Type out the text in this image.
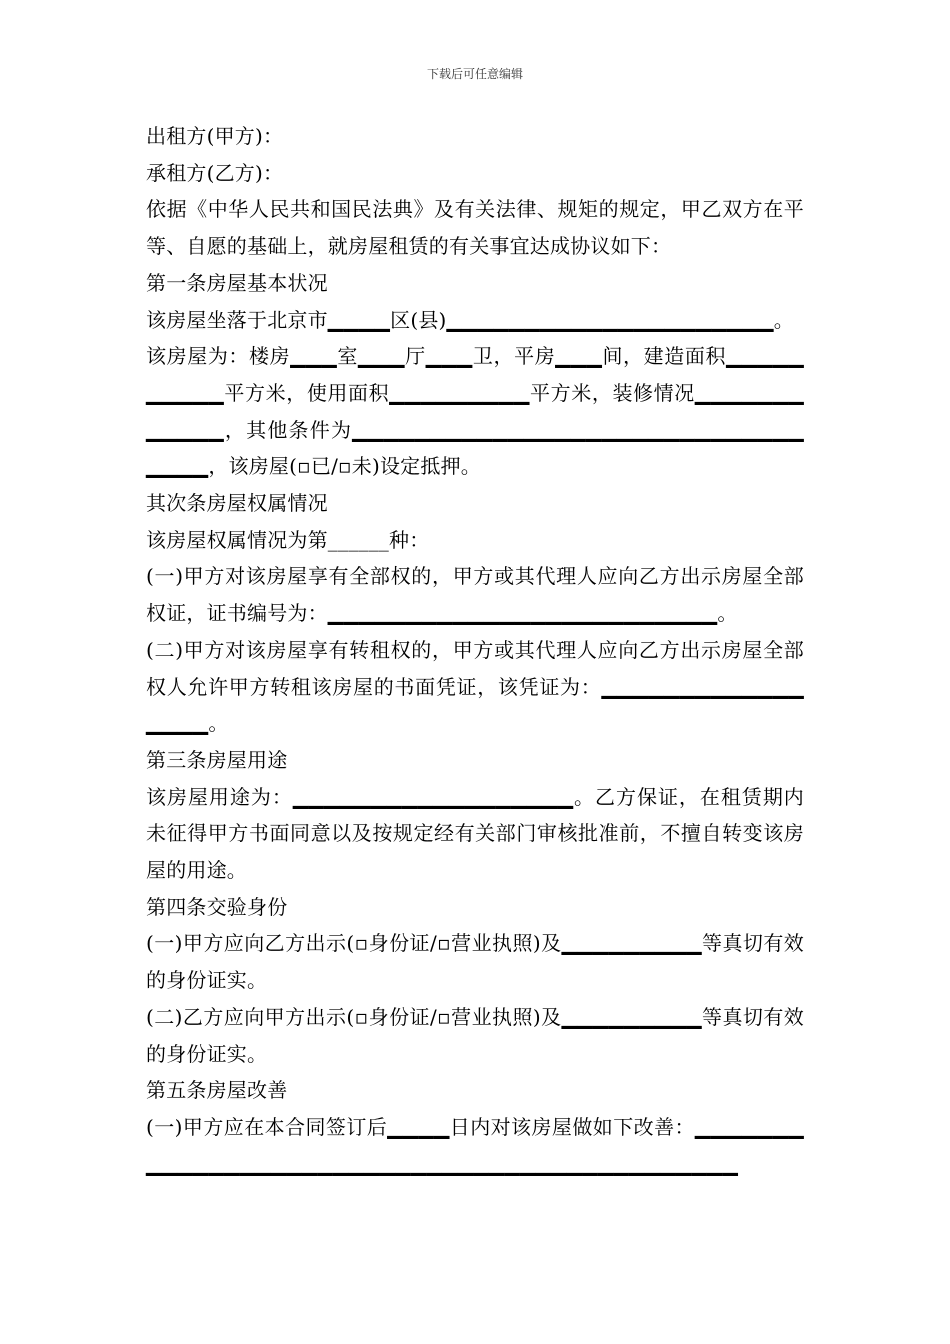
下载后可任意编辑

出租方(甲方)：

承租方(乙方)：

依据《中华人民共和国民法典》及有关法律、规矩的规定，甲乙双方在平等、自愿的基础上，就房屋租赁的有关事宜达成协议如下：

第一条房屋基本状况

该房屋坐落于北京市▁▁▁▁区(县)▁▁▁▁▁▁▁▁▁▁▁▁▁▁▁▁▁▁▁▁▁。

该房屋为：楼房▁▁▁室▁▁▁厅▁▁▁卫，平房▁▁▁间，建造面积▁▁▁▁▁▁▁▁▁▁平方米，使用面积▁▁▁▁▁▁▁▁▁平方米，装修情况▁▁▁▁▁▁▁▁▁▁▁▁，其他条件为▁▁▁▁▁▁▁▁▁▁▁▁▁▁▁▁▁▁▁▁▁▁▁▁▁▁▁▁▁▁▁▁▁，该房屋(▫已/▫未)设定抵押。

其次条房屋权属情况

该房屋权属情况为第______种：

(一)甲方对该房屋享有全部权的，甲方或其代理人应向乙方出示房屋全部权证，证书编号为：▁▁▁▁▁▁▁▁▁▁▁▁▁▁▁▁▁▁▁▁▁▁▁▁▁。

(二)甲方对该房屋享有转租权的，甲方或其代理人应向乙方出示房屋全部权人允许甲方转租该房屋的书面凭证，该凭证为：▁▁▁▁▁▁▁▁▁▁▁▁▁▁▁▁▁。

第三条房屋用途

该房屋用途为：▁▁▁▁▁▁▁▁▁▁▁▁▁▁▁▁▁▁。乙方保证，在租赁期内未征得甲方书面同意以及按规定经有关部门审核批准前，不擅自转变该房屋的用途。

第四条交验身份

(一)甲方应向乙方出示(▫身份证/▫营业执照)及▁▁▁▁▁▁▁▁▁等真切有效的身份证实。

(二)乙方应向甲方出示(▫身份证/▫营业执照)及▁▁▁▁▁▁▁▁▁等真切有效的身份证实。

第五条房屋改善

(一)甲方应在本合同签订后▁▁▁▁日内对该房屋做如下改善：▁▁▁▁▁▁▁▁▁▁▁▁▁▁▁▁▁▁▁▁▁▁▁▁▁▁▁▁▁▁▁▁▁▁▁▁▁▁▁▁▁▁▁▁▁
